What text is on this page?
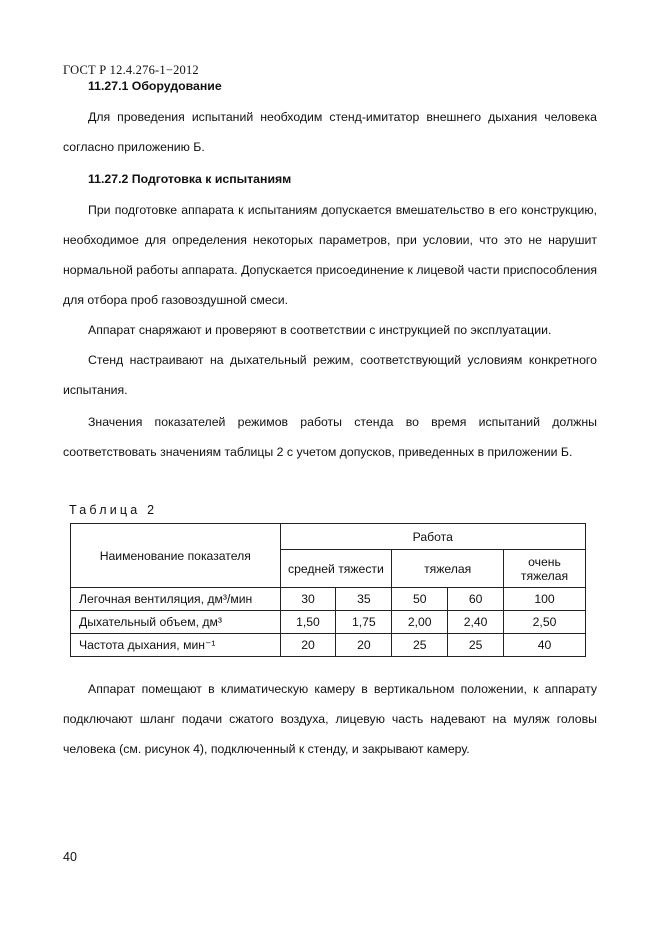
ГОСТ Р 12.4.276-1−2012
11.27.1 Оборудование
Для проведения испытаний необходим стенд-имитатор внешнего дыхания человека согласно приложению Б.
11.27.2 Подготовка к испытаниям
При подготовке аппарата к испытаниям допускается вмешательство в его конструкцию, необходимое для определения некоторых параметров, при условии, что это не нарушит нормальной работы аппарата. Допускается присоединение к лицевой части приспособления для отбора проб газовоздушной смеси.
Аппарат снаряжают и проверяют в соответствии с инструкцией по эксплуатации.
Стенд настраивают на дыхательный режим, соответствующий условиям конкретного испытания.
Значения показателей режимов работы стенда во время испытаний должны соответствовать значениям таблицы 2 с учетом допусков, приведенных в приложении Б.
Таблица 2
Наименование показателя	Работа				
	средней тяжести		тяжелая		очень тяжелая
Легочная вентиляция, дм³/мин	30	35	50	60	100
Дыхательный объем, дм³	1,50	1,75	2,00	2,40	2,50
Частота дыхания, мин⁻¹	20	20	25	25	40
Аппарат помещают в климатическую камеру в вертикальном положении, к аппарату подключают шланг подачи сжатого воздуха, лицевую часть надевают на муляж головы человека (см. рисунок 4), подключенный к стенду, и закрывают камеру.
40
